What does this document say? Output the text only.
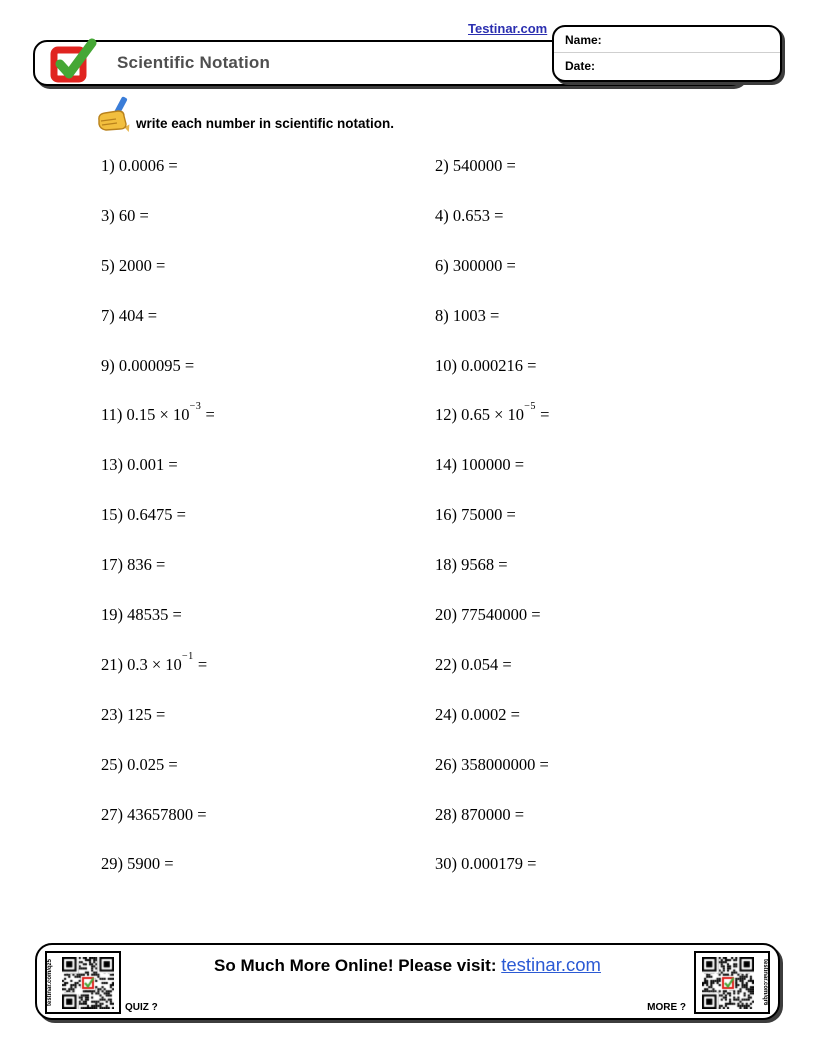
Testinar.com
Scientific Notation
Name:
Date:
write each number in scientific notation.
1) 0.0006 =	2) 540000 =
3) 60 =	4) 0.653 =
5) 2000 =	6) 300000 =
7) 404 =	8) 1003 =
9) 0.000095 =	10) 0.000216 =
11) $0.15 \times 10^{-3}$ =	12) $0.65 \times 10^{-5}$ =
13) 0.001 =	14) 100000 =
15) 0.6475 =	16) 75000 =
17) 836 =	18) 9568 =
19) 48535 =	20) 77540000 =
21) $0.3 \times 10^{-1}$ =	22) 0.054 =
23) 125 =	24) 0.0002 =
25) 0.025 =	26) 358000000 =
27) 43657800 =	28) 870000 =
29) 5900 =	30) 0.000179 =
testinar.com/qz5	So Much More Online! Please visit: testinar.com
QUIZ ?	MORE ?
testinar.com/qr6
